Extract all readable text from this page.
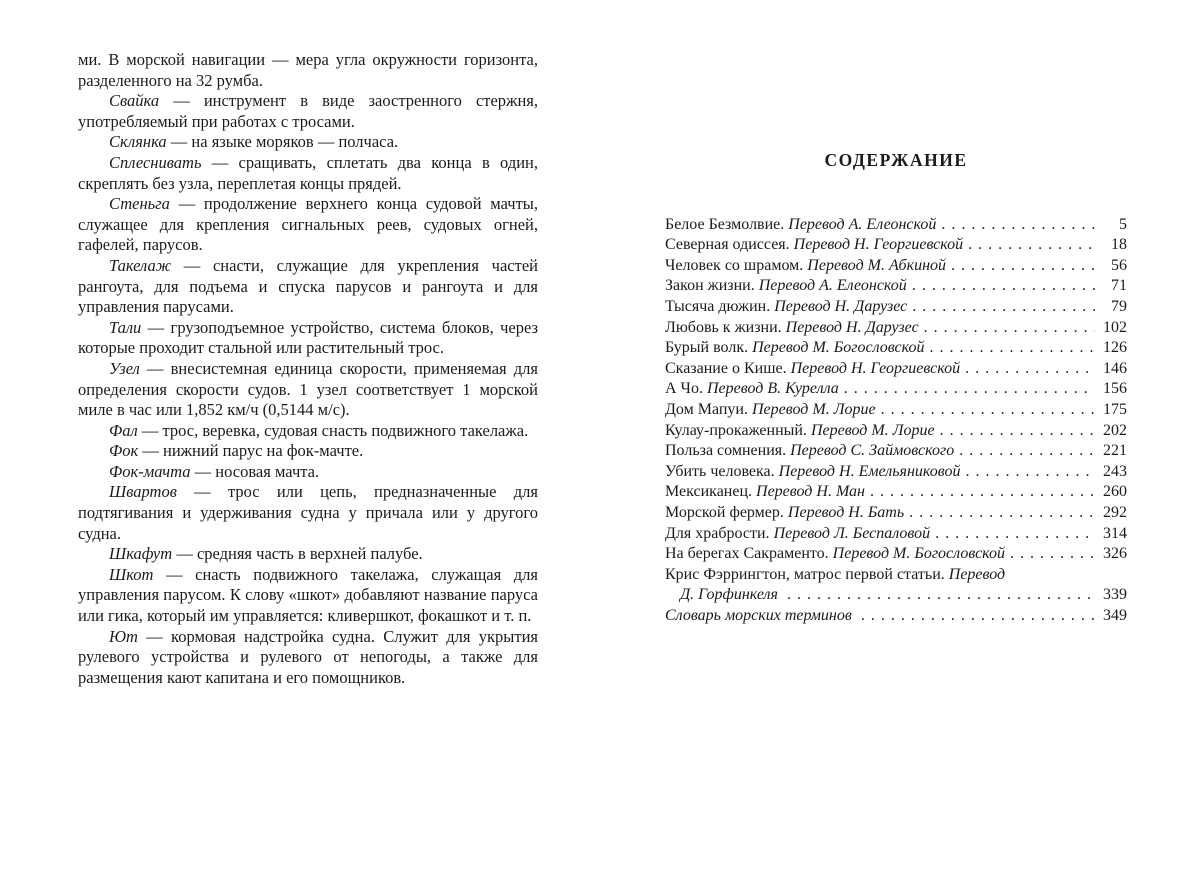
ми. В морской навигации — мера угла окружности горизонта, разделенного на 32 румба.

Свайка — инструмент в виде заостренного стержня, употребляемый при работах с тросами.

Склянка — на языке моряков — полчаса.

Сплеснивать — сращивать, сплетать два конца в один, скреплять без узла, переплетая концы прядей.

Стеньга — продолжение верхнего конца судовой мачты, служащее для крепления сигнальных реев, судовых огней, гафелей, парусов.

Такелаж — снасти, служащие для укрепления частей рангоута, для подъема и спуска парусов и рангоута и для управления парусами.

Тали — грузоподъемное устройство, система блоков, через которые проходит стальной или растительный трос.

Узел — внесистемная единица скорости, применяемая для определения скорости судов. 1 узел соответствует 1 морской миле в час или 1,852 км/ч (0,5144 м/с).

Фал — трос, веревка, судовая снасть подвижного такелажа.

Фок — нижний парус на фок-мачте.

Фок-мачта — носовая мачта.

Швартов — трос или цепь, предназначенные для подтягивания и удерживания судна у причала или у другого судна.

Шкафут — средняя часть в верхней палубе.

Шкот — снасть подвижного такелажа, служащая для управления парусом. К слову «шкот» добавляют название паруса или гика, который им управляется: кливершкот, фокашкот и т. п.

Ют — кормовая надстройка судна. Служит для укрытия рулевого устройства и рулевого от непогоды, а также для размещения кают капитана и его помощников.

СОДЕРЖАНИЕ
Белое Безмолвие. Перевод А. Елеонской . . .	5
Северная одиссея. Перевод Н. Георгиевской . . .	18
Человек со шрамом. Перевод М. Абкиной . . .	56
Закон жизни. Перевод А. Елеонской . . .	71
Тысяча дюжин. Перевод Н. Дарузес . . .	79
Любовь к жизни. Перевод Н. Дарузес . . .	102
Бурый волк. Перевод М. Богословской . . .	126
Сказание о Кише. Перевод Н. Георгиевской . . .	146
А Чо. Перевод В. Курелла . . .	156
Дом Мапуи. Перевод М. Лорие . . .	175
Кулау-прокаженный. Перевод М. Лорие . . .	202
Польза сомнения. Перевод С. Займовского . . .	221
Убить человека. Перевод Н. Емельяниковой . . .	243
Мексиканец. Перевод Н. Ман . . .	260
Морской фермер. Перевод Н. Бать . . .	292
Для храбрости. Перевод Л. Беспаловой . . .	314
На берегах Сакраменто. Перевод М. Богословской . . .	326
Крис Фэррингтон, матрос первой статьи. Перевод
Д. Горфинкеля . . .	339
Словарь морских терминов . . .	349
